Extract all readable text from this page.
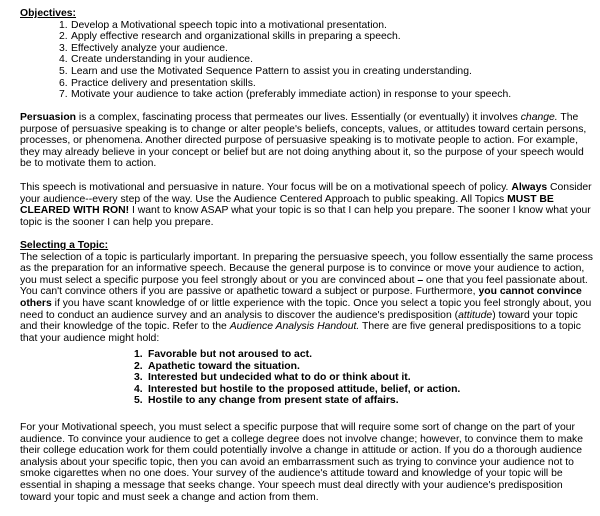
Objectives:
1. Develop a Motivational speech topic into a motivational presentation.
2. Apply effective research and organizational skills in preparing a speech.
3. Effectively analyze your audience.
4. Create understanding in your audience.
5. Learn and use the Motivated Sequence Pattern to assist you in creating understanding.
6. Practice delivery and presentation skills.
7. Motivate your audience to take action (preferably immediate action) in response to your speech.

Persuasion is a complex, fascinating process that permeates our lives. Essentially (or eventually) it involves change. The purpose of persuasive speaking is to change or alter people's beliefs, concepts, values, or attitudes toward certain persons, processes, or phenomena. Another directed purpose of persuasive speaking is to motivate people to action. For example, they may already believe in your concept or belief but are not doing anything about it, so the purpose of your speech would be to motivate them to action.

This speech is motivational and persuasive in nature. Your focus will be on a motivational speech of policy. Always Consider your audience--every step of the way. Use the Audience Centered Approach to public speaking. All Topics MUST BE CLEARED WITH RON! I want to know ASAP what your topic is so that I can help you prepare. The sooner I know what your topic is the sooner I can help you prepare.

Selecting a Topic:

The selection of a topic is particularly important. In preparing the persuasive speech, you follow essentially the same process as the preparation for an informative speech. Because the general purpose is to convince or move your audience to action, you must select a specific purpose you feel strongly about or you are convinced about – one that you feel passionate about. You can't convince others if you are passive or apathetic toward a subject or purpose. Furthermore, you cannot convince others if you have scant knowledge of or little experience with the topic. Once you select a topic you feel strongly about, you need to conduct an audience survey and an analysis to discover the audience's predisposition (attitude) toward your topic and their knowledge of the topic. Refer to the Audience Analysis Handout. There are five general predispositions to a topic that your audience might hold:

1. Favorable but not aroused to act.
2. Apathetic toward the situation.
3. Interested but undecided what to do or think about it.
4. Interested but hostile to the proposed attitude, belief, or action.
5. Hostile to any change from present state of affairs.

For your Motivational speech, you must select a specific purpose that will require some sort of change on the part of your audience. To convince your audience to get a college degree does not involve change; however, to convince them to make their college education work for them could potentially involve a change in attitude or action. If you do a thorough audience analysis about your specific topic, then you can avoid an embarrassment such as trying to convince your audience not to smoke cigarettes when no one does. Your survey of the audience's attitude toward and knowledge of your topic will be essential in shaping a message that seeks change. Your speech must deal directly with your audience's predisposition toward your topic and must seek a change and action from them.
